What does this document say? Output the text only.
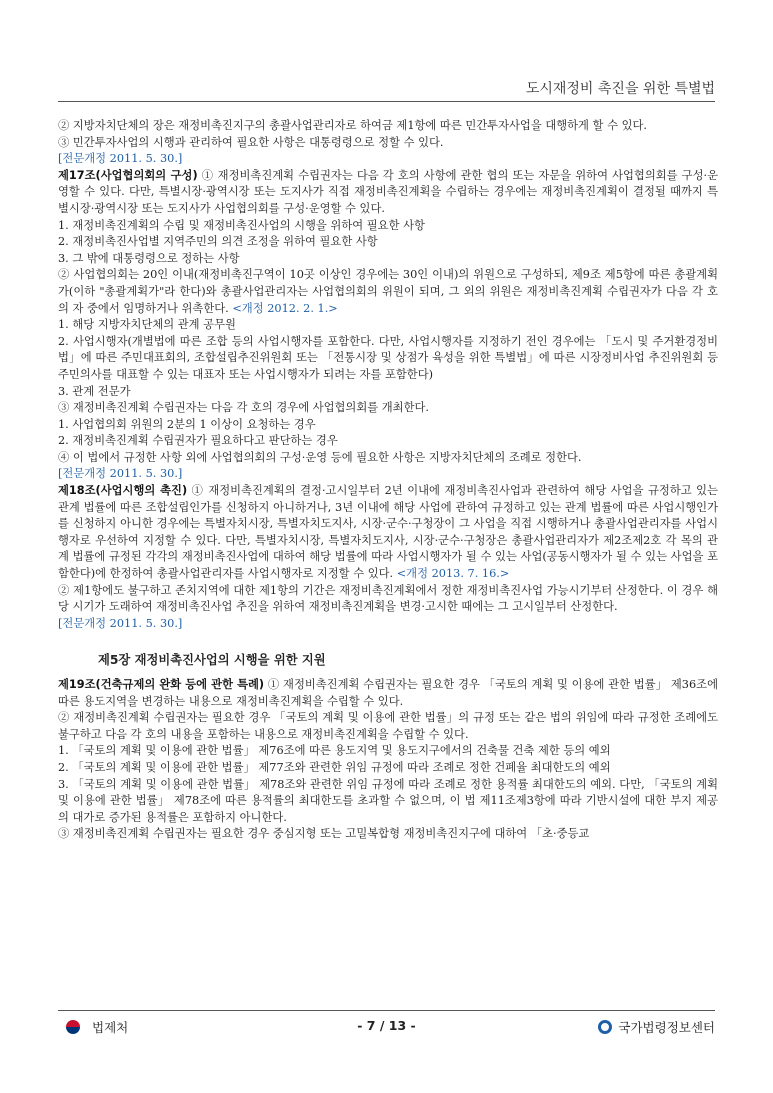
도시재정비 촉진을 위한 특별법

② 지방자치단체의 장은 재정비촉진지구의 총괄사업관리자로 하여금 제1항에 따른 민간투자사업을 대행하게 할 수 있다.

③ 민간투자사업의 시행과 관리하여 필요한 사항은 대통령령으로 정할 수 있다.

[전문개정 2011. 5. 30.]

제17조(사업협의회의 구성) ① 재정비촉진계획 수립권자는 다음 각 호의 사항에 관한 협의 또는 자문을 위하여 사업협의회를 구성·운영할 수 있다. 다만, 특별시장·광역시장 또는 도지사가 직접 재정비촉진계획을 수립하는 경우에는 재정비촉진계획이 결정될 때까지 특별시장·광역시장 또는 도지사가 사업협의회를 구성·운영할 수 있다.

1. 재정비촉진계획의 수립 및 재정비촉진사업의 시행을 위하여 필요한 사항

2. 재정비촉진사업별 지역주민의 의견 조정을 위하여 필요한 사항

3. 그 밖에 대통령령으로 정하는 사항

② 사업협의회는 20인 이내(재정비촉진구역이 10곳 이상인 경우에는 30인 이내)의 위원으로 구성하되, 제9조 제5항에 따른 총괄계획가(이하 "총괄계획가"라 한다)와 총괄사업관리자는 사업협의회의 위원이 되며, 그 외의 위원은 재정비촉진계획 수립권자가 다음 각 호의 자 중에서 임명하거나 위촉한다. <개정 2012. 2. 1.>

1. 해당 지방자치단체의 관계 공무원

2. 사업시행자(개별법에 따른 조합 등의 사업시행자를 포함한다. 다만, 사업시행자를 지정하기 전인 경우에는 「도시 및 주거환경정비법」에 따른 주민대표회의, 조합설립추진위원회 또는 「전통시장 및 상점가 육성을 위한 특별법」에 따른 시장정비사업 추진위원회 등 주민의사를 대표할 수 있는 대표자 또는 사업시행자가 되려는 자를 포함한다)

3. 관계 전문가

③ 재정비촉진계획 수립권자는 다음 각 호의 경우에 사업협의회를 개최한다.

1. 사업협의회 위원의 2분의 1 이상이 요청하는 경우

2. 재정비촉진계획 수립권자가 필요하다고 판단하는 경우

④ 이 법에서 규정한 사항 외에 사업협의회의 구성·운영 등에 필요한 사항은 지방자치단체의 조례로 정한다.

[전문개정 2011. 5. 30.]

제18조(사업시행의 촉진) ① 재정비촉진계획의 결정·고시일부터 2년 이내에 재정비촉진사업과 관련하여 해당 사업을 규정하고 있는 관계 법률에 따른 조합설립인가를 신청하지 아니하거나, 3년 이내에 해당 사업에 관하여 규정하고 있는 관계 법률에 따른 사업시행인가를 신청하지 아니한 경우에는 특별자치시장, 특별자치도지사, 시장·군수·구청장이 그 사업을 직접 시행하거나 총괄사업관리자를 사업시행자로 우선하여 지정할 수 있다. 다만, 특별자치시장, 특별자치도지사, 시장·군수·구청장은 총괄사업관리자가 제2조제2호 각 목의 관계 법률에 규정된 각각의 재정비촉진사업에 대하여 해당 법률에 따라 사업시행자가 될 수 있는 사업(공동시행자가 될 수 있는 사업을 포함한다)에 한정하여 총괄사업관리자를 사업시행자로 지정할 수 있다. <개정 2013. 7. 16.>

② 제1항에도 불구하고 존치지역에 대한 제1항의 기간은 재정비촉진계획에서 정한 재정비촉진사업 가능시기부터 산정한다. 이 경우 해당 시기가 도래하여 재정비촉진사업 추진을 위하여 재정비촉진계획을 변경·고시한 때에는 그 고시일부터 산정한다.

[전문개정 2011. 5. 30.]

제5장 재정비촉진사업의 시행을 위한 지원

제19조(건축규제의 완화 등에 관한 특례) ① 재정비촉진계획 수립권자는 필요한 경우 「국토의 계획 및 이용에 관한 법률」 제36조에 따른 용도지역을 변경하는 내용으로 재정비촉진계획을 수립할 수 있다.

② 재정비촉진계획 수립권자는 필요한 경우 「국토의 계획 및 이용에 관한 법률」의 규정 또는 같은 법의 위임에 따라 규정한 조례에도 불구하고 다음 각 호의 내용을 포함하는 내용으로 재정비촉진계획을 수립할 수 있다.

1. 「국토의 계획 및 이용에 관한 법률」 제76조에 따른 용도지역 및 용도지구에서의 건축물 건축 제한 등의 예외

2. 「국토의 계획 및 이용에 관한 법률」 제77조와 관련한 위임 규정에 따라 조례로 정한 건폐율 최대한도의 예외

3. 「국토의 계획 및 이용에 관한 법률」 제78조와 관련한 위임 규정에 따라 조례로 정한 용적률 최대한도의 예외. 다만, 「국토의 계획 및 이용에 관한 법률」 제78조에 따른 용적률의 최대한도를 초과할 수 없으며, 이 법 제11조제3항에 따라 기반시설에 대한 부지 제공의 대가로 증가된 용적률은 포함하지 아니한다.

③ 재정비촉진계획 수립권자는 필요한 경우 중심지형 또는 고밀복합형 재정비촉진지구에 대하여 「초·중등교

법제처	- 7 / 13 -	국가법령정보센터
